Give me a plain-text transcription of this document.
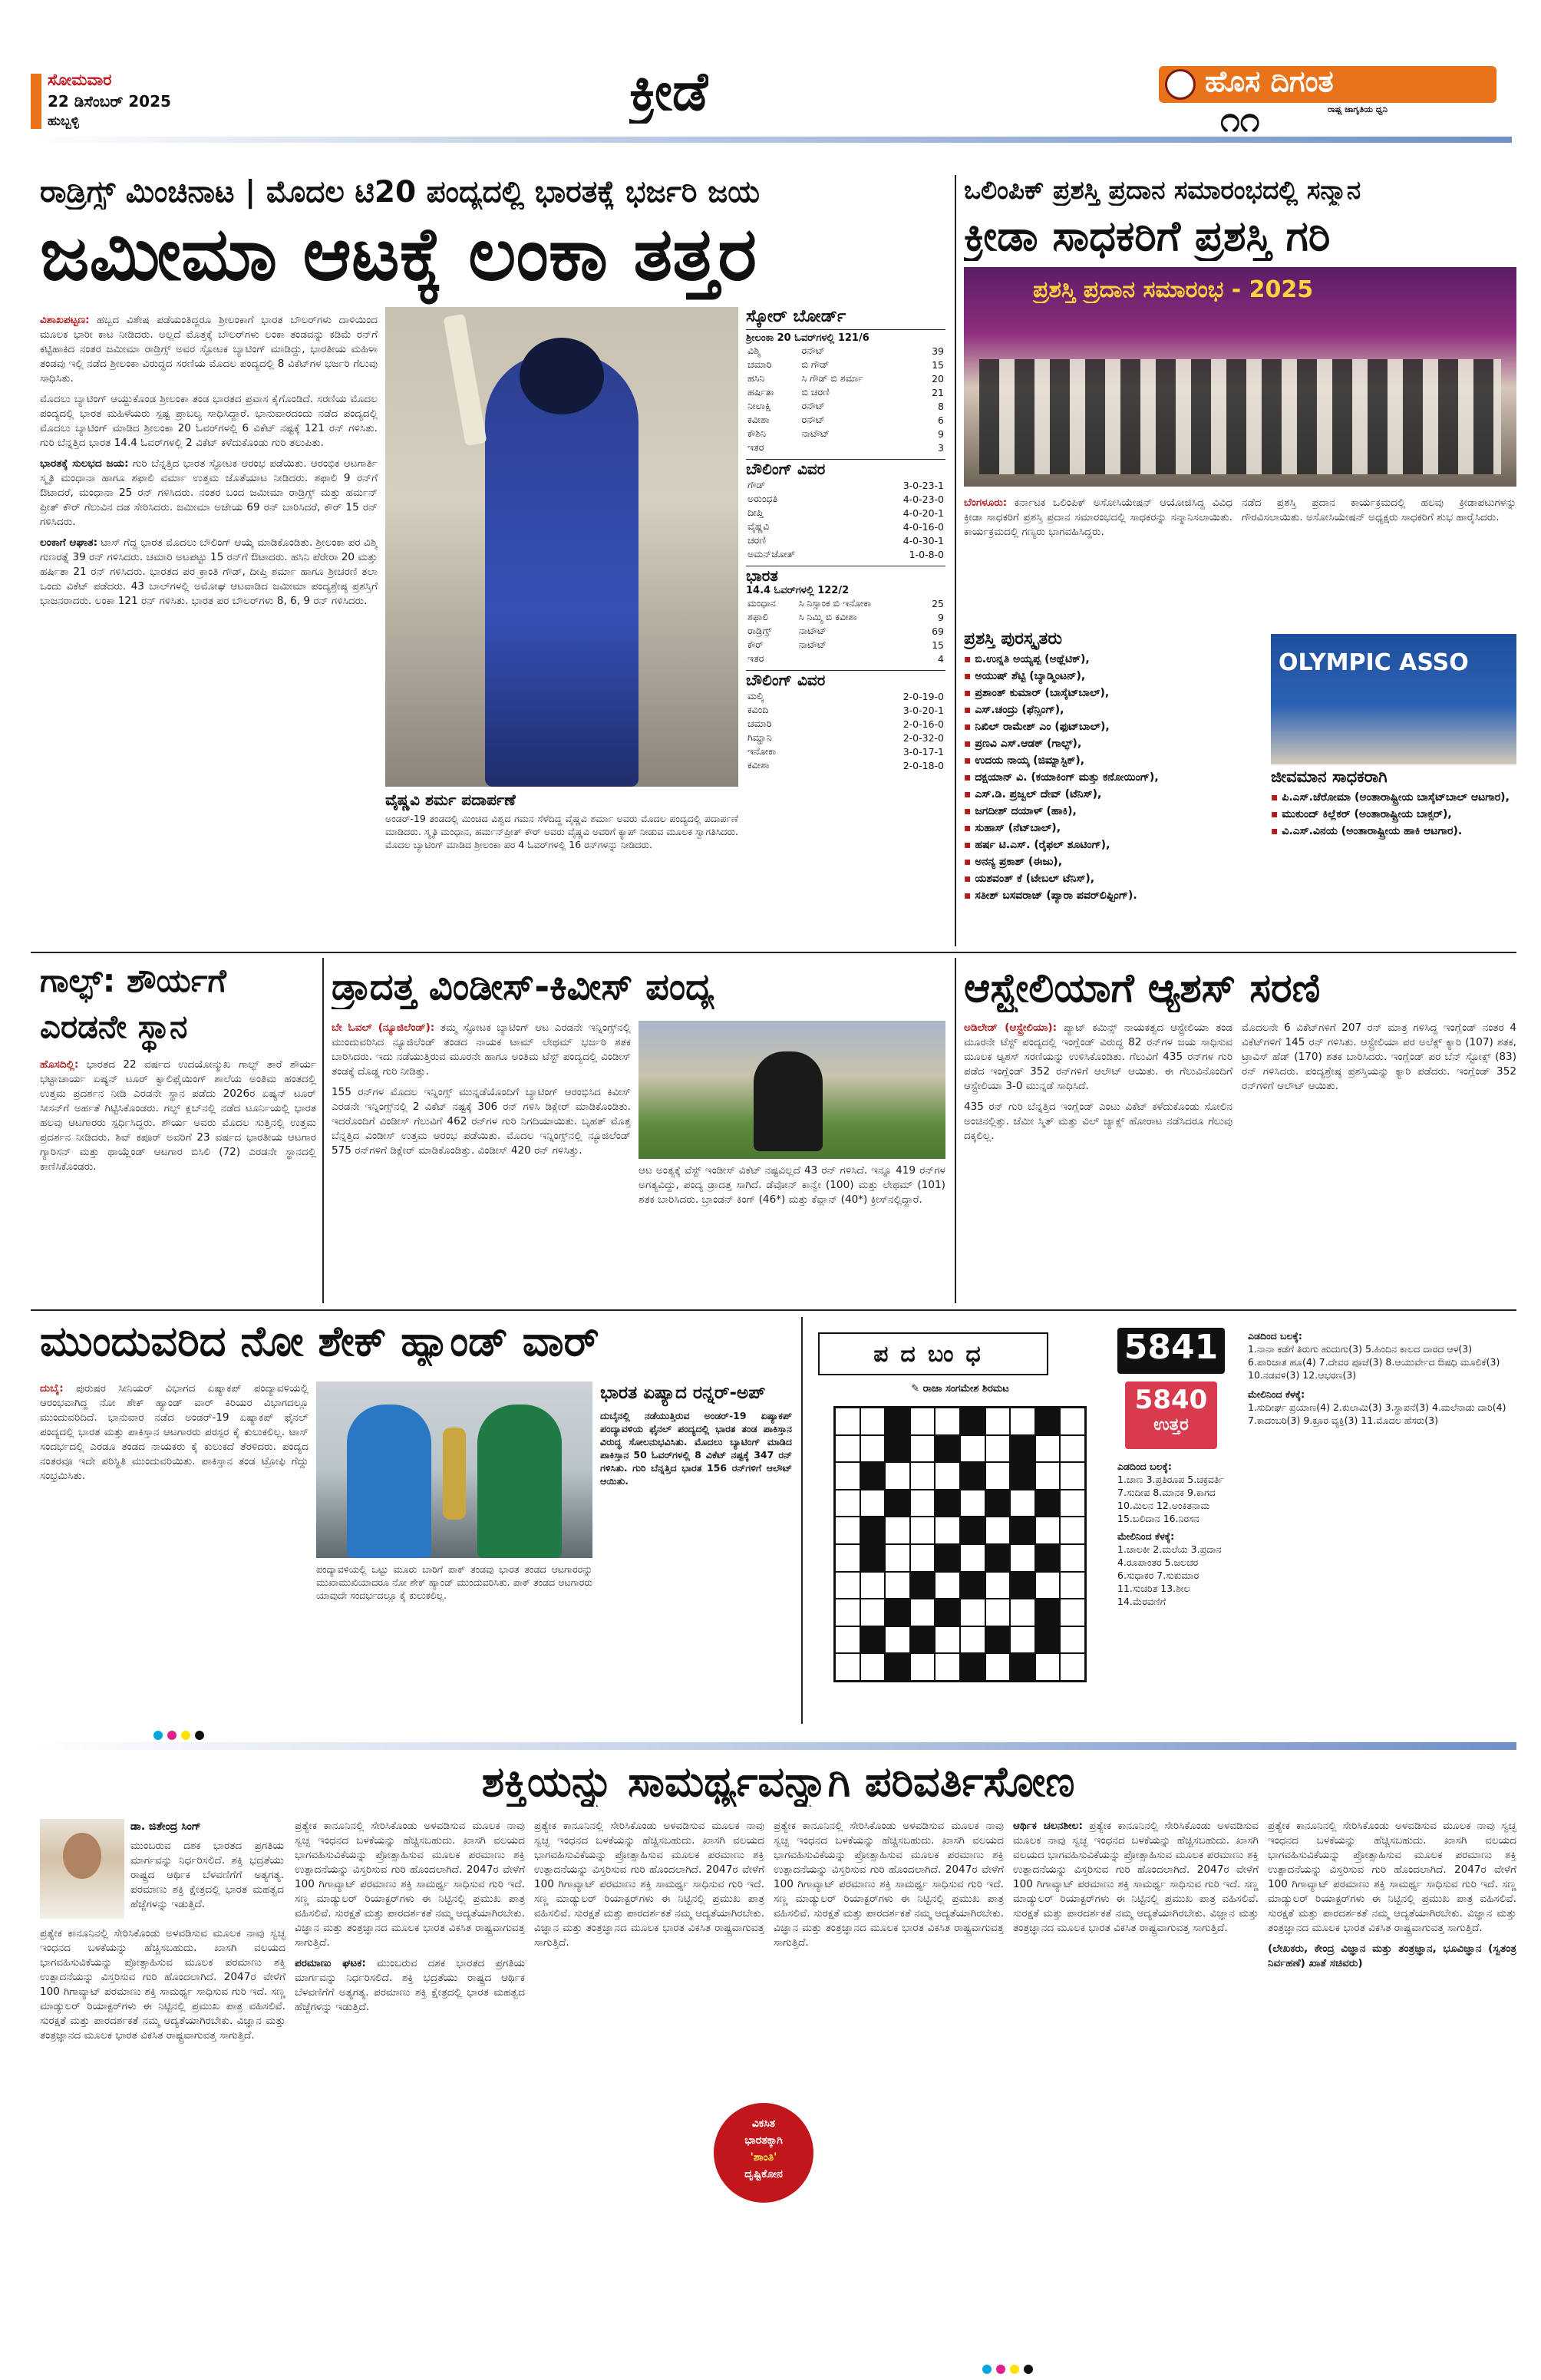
ಸೋಮವಾರ
22 ಡಿಸೆಂಬರ್ 2025
ಹುಬ್ಬಳ್ಳಿ	ಕ್ರೀಡೆ	ಹೊಸ ದಿಗಂತ
ರಾಷ್ಟ್ರ ಜಾಗೃತಿಯ ಧ್ವನಿ
೧೧
ರಾಡ್ರಿಗ್ಸ್ ಮಿಂಚಿನಾಟ | ಮೊದಲ ಟಿ20 ಪಂದ್ಯದಲ್ಲಿ ಭಾರತಕ್ಕೆ ಭರ್ಜರಿ ಜಯ
ಜಮೀಮಾ ಆಟಕ್ಕೆ ಲಂಕಾ ತತ್ತರ

ವಿಶಾಖಪಟ್ಟಣ: ಹಬ್ಬದ ವಿಶೇಷ ಪಡೆಯಂತಿದ್ದರೂ ಶ್ರೀಲಂಕಾಗೆ ಭಾರತ ಬೌಲರ್‌ಗಳು ದಾಳಿಯಿಂದ ಮೂಲಕ ಭಾರೀ ಕಾಟ ನೀಡಿದರು. ಅಲ್ಲದೆ ಮೊತ್ತಕ್ಕೆ ಬೌಲರ್‌ಗಳು ಲಂಕಾ ತಂಡವನ್ನು ಕಡಿಮೆ ರನ್‌ಗೆ ಕಟ್ಟಿಹಾಕಿದ ನಂತರ ಜಮೀಮಾ ರಾಡ್ರಿಗ್ಸ್ ಅವರ ಸ್ಫೋಟಕ ಬ್ಯಾಟಿಂಗ್ ಮಾಡಿದ್ದು, ಭಾರತೀಯ ಮಹಿಳಾ ತಂಡವು ಇಲ್ಲಿ ನಡೆದ ಶ್ರೀಲಂಕಾ ವಿರುದ್ಧದ ಸರಣಿಯ ಮೊದಲ ಪಂದ್ಯದಲ್ಲಿ 8 ವಿಕೆಟ್‌ಗಳ ಭರ್ಜರಿ ಗೆಲುವು ಸಾಧಿಸಿತು.

ಮೊದಲು ಬ್ಯಾಟಿಂಗ್ ಆಯ್ದುಕೊಂಡ ಶ್ರೀಲಂಕಾ ತಂಡ ಭಾರತದ ಪ್ರವಾಸ ಕೈಗೊಂಡಿದೆ. ಸರಣಿಯ ಮೊದಲ ಪಂದ್ಯದಲ್ಲಿ ಭಾರತ ಮಹಿಳೆಯರು ಸ್ಪಷ್ಟ ಪ್ರಾಬಲ್ಯ ಸಾಧಿಸಿದ್ದಾರೆ. ಭಾನುವಾರದಂದು ನಡೆದ ಪಂದ್ಯದಲ್ಲಿ ಮೊದಲು ಬ್ಯಾಟಿಂಗ್ ಮಾಡಿದ ಶ್ರೀಲಂಕಾ 20 ಓವರ್‌ಗಳಲ್ಲಿ 6 ವಿಕೆಟ್ ನಷ್ಟಕ್ಕೆ 121 ರನ್ ಗಳಿಸಿತು. ಗುರಿ ಬೆನ್ನತ್ತಿದ ಭಾರತ 14.4 ಓವರ್‌ಗಳಲ್ಲಿ 2 ವಿಕೆಟ್ ಕಳೆದುಕೊಂಡು ಗುರಿ ತಲುಪಿತು.

ಭಾರತಕ್ಕೆ ಸುಲಭದ ಜಯ: ಗುರಿ ಬೆನ್ನತ್ತಿದ ಭಾರತ ಸ್ಫೋಟಕ ಆರಂಭ ಪಡೆಯಿತು. ಆರಂಭಿಕ ಆಟಗಾರ್ತಿ ಸ್ಮೃತಿ ಮಂಧಾನಾ ಹಾಗೂ ಶಫಾಲಿ ವರ್ಮಾ ಉತ್ತಮ ಜೊತೆಯಾಟ ನೀಡಿದರು. ಶಫಾಲಿ 9 ರನ್‌ಗೆ ಔಟಾದರೆ, ಮಂಧಾನಾ 25 ರನ್ ಗಳಿಸಿದರು. ನಂತರ ಬಂದ ಜಮೀಮಾ ರಾಡ್ರಿಗ್ಸ್ ಮತ್ತು ಹರ್ಮನ್ ಪ್ರೀತ್ ಕೌರ್ ಗೆಲುವಿನ ದಡ ಸೇರಿಸಿದರು. ಜಮೀಮಾ ಅಜೇಯ 69 ರನ್ ಬಾರಿಸಿದರೆ, ಕೌರ್ 15 ರನ್ ಗಳಿಸಿದರು.

ಲಂಕಾಗೆ ಆಘಾತ: ಟಾಸ್ ಗೆದ್ದ ಭಾರತ ಮೊದಲು ಬೌಲಿಂಗ್ ಆಯ್ಕೆ ಮಾಡಿಕೊಂಡಿತು. ಶ್ರೀಲಂಕಾ ಪರ ವಿಶ್ಮಿ ಗುಣರತ್ನೆ 39 ರನ್ ಗಳಿಸಿದರು. ಚಮಾರಿ ಅಟಪಟ್ಟು 15 ರನ್‌ಗೆ ಔಟಾದರು. ಹಸಿನಿ ಪೆರೇರಾ 20 ಮತ್ತು ಹರ್ಷಿತಾ 21 ರನ್ ಗಳಿಸಿದರು. ಭಾರತದ ಪರ ಕ್ರಾಂತಿ ಗೌಡ್, ದೀಪ್ತಿ ಶರ್ಮಾ ಹಾಗೂ ಶ್ರೀಚರಣಿ ತಲಾ ಒಂದು ವಿಕೆಟ್ ಪಡೆದರು. 43 ಬಾಲ್‌ಗಳಲ್ಲಿ ಅಮೋಘ ಆಟವಾಡಿದ ಜಮೀಮಾ ಪಂದ್ಯಶ್ರೇಷ್ಠ ಪ್ರಶಸ್ತಿಗೆ ಭಾಜನರಾದರು. ಲಂಕಾ 121 ರನ್ ಗಳಿಸಿತು. ಭಾರತ ಪರ ಬೌಲರ್‌ಗಳು 8, 6, 9 ರನ್ ಗಳಿಸಿದರು.

ವೈಷ್ಣವಿ ಶರ್ಮ ಪದಾರ್ಪಣೆ
ಅಂಡರ್-19 ತಂಡದಲ್ಲಿ ಮಿಂಚಿದ ವಿಶ್ವದ ಗಮನ ಸೆಳೆದಿದ್ದ ವೈಷ್ಣವಿ ಶರ್ಮಾ ಅವರು ಮೊದಲ ಪಂದ್ಯದಲ್ಲಿ ಪದಾರ್ಪಣೆ ಮಾಡಿದರು. ಸ್ಮೃತಿ ಮಂಧಾನ, ಹರ್ಮನ್‌ಪ್ರೀತ್ ಕೌರ್ ಅವರು ವೈಷ್ಣವಿ ಅವರಿಗೆ ಕ್ಯಾಪ್ ನೀಡುವ ಮೂಲಕ ಸ್ವಾಗತಿಸಿದರು. ಮೊದಲ ಬ್ಯಾಟಿಂಗ್ ಮಾಡಿದ ಶ್ರೀಲಂಕಾ ಪರ 4 ಓವರ್‌ಗಳಲ್ಲಿ 16 ರನ್‌ಗಳನ್ನು ನೀಡಿದರು.
ಸ್ಕೋರ್ ಬೋರ್ಡ್
ಶ್ರೀಲಂಕಾ 20 ಓವರ್‌ಗಳಲ್ಲಿ 121/6
ವಿಶ್ಮಿ	ರನೌಟ್	39
ಚಮಾರಿ	ಬಿ ಗೌಡ್	15
ಹಸಿನಿ	ಸಿ ಗೌಡ್ ಬಿ ಶರ್ಮಾ	20
ಹರ್ಷಿತಾ	ಬಿ ಚರಣಿ	21
ನೀಲಾಕ್ಷಿ	ರನೌಟ್	8
ಕವೀಶಾ	ರನೌಟ್	6
ಕೌಶಿನಿ	ನಾಟೌಟ್	9
ಇತರ		3
ಬೌಲಿಂಗ್ ವಿವರ
ಗೌಡ್	3-0-23-1
ಅರುಂಧತಿ	4-0-23-0
ದೀಪ್ತಿ	4-0-20-1
ವೈಷ್ಣವಿ	4-0-16-0
ಚರಣಿ	4-0-30-1
ಅಮನ್‌ಜೋತ್	1-0-8-0
ಭಾರತ
14.4 ಓವರ್‌ಗಳಲ್ಲಿ 122/2
ಮಂಧಾನ	ಸಿ ನಿಸ್ಸಾಂಕ ಬಿ ಇನೋಕಾ	25
ಶಫಾಲಿ	ಸಿ ನಿಮ್ಮಿ ಬಿ ಕವೀಶಾ	9
ರಾಡ್ರಿಗ್ಸ್	ನಾಟೌಟ್	69
ಕೌರ್	ನಾಟೌಟ್	15
ಇತರ		4
ಬೌಲಿಂಗ್ ವಿವರ
ಮಲ್ಕಿ	2-0-19-0
ಕವಿಂದಿ	3-0-20-1
ಚಮಾರಿ	2-0-16-0
ಗಿಮ್ಹಾನಿ	2-0-32-0
ಇನೋಕಾ	3-0-17-1
ಕವೀಶಾ	2-0-18-0
ಒಲಿಂಪಿಕ್ ಪ್ರಶಸ್ತಿ ಪ್ರದಾನ ಸಮಾರಂಭದಲ್ಲಿ ಸನ್ಮಾನ
ಕ್ರೀಡಾ ಸಾಧಕರಿಗೆ ಪ್ರಶಸ್ತಿ ಗರಿ
ಪ್ರಶಸ್ತಿ ಪ್ರದಾನ ಸಮಾರಂಭ - 2025

ಬೆಂಗಳೂರು: ಕರ್ನಾಟಕ ಒಲಿಂಪಿಕ್ ಅಸೋಸಿಯೇಷನ್ ಆಯೋಜಿಸಿದ್ದ ವಿವಿಧ ಕ್ರೀಡಾ ಸಾಧಕರಿಗೆ ಪ್ರಶಸ್ತಿ ಪ್ರದಾನ ಸಮಾರಂಭದಲ್ಲಿ ಸಾಧಕರನ್ನು ಸನ್ಮಾನಿಸಲಾಯಿತು. ಕಾರ್ಯಕ್ರಮದಲ್ಲಿ ಗಣ್ಯರು ಭಾಗವಹಿಸಿದ್ದರು.

ನಡೆದ ಪ್ರಶಸ್ತಿ ಪ್ರದಾನ ಕಾರ್ಯಕ್ರಮದಲ್ಲಿ ಹಲವು ಕ್ರೀಡಾಪಟುಗಳನ್ನು ಗೌರವಿಸಲಾಯಿತು. ಅಸೋಸಿಯೇಷನ್ ಅಧ್ಯಕ್ಷರು ಸಾಧಕರಿಗೆ ಶುಭ ಹಾರೈಸಿದರು.

ಪ್ರಶಸ್ತಿ ಪುರಸ್ಕೃತರು
▪ ಬಿ.ಉನ್ನತಿ ಅಯ್ಯಪ್ಪ (ಅಥ್ಲೆಟಿಕ್),
▪ ಅಯುಷ್ ಶೆಟ್ಟಿ (ಬ್ಯಾಡ್ಮಿಂಟನ್),
▪ ಪ್ರಶಾಂತ್ ಕುಮಾರ್ (ಬಾಸ್ಕೆಟ್‌ಬಾಲ್),
▪ ಎಸ್.ಚಂದ್ರು (ಫೆನ್ಸಿಂಗ್),
▪ ನಿಖಿಲ್ ರಾಮೇಶ್ ಎಂ (ಫುಟ್‌ಬಾಲ್),
▪ ಪ್ರಣವಿ ಎಸ್.ಆಡಕ್ (ಗಾಲ್ಫ್),
▪ ಉದಯ ನಾಯ್ಕ (ಜಿಮ್ನಾಸ್ಟಿಕ್),
▪ ದಕ್ಷಯಾನ್ ವಿ. (ಕಯಾಕಿಂಗ್ ಮತ್ತು ಕನೋಯಿಂಗ್),
▪ ಎಸ್.ಡಿ. ಪ್ರಜ್ವಲ್ ದೇವ್ (ಟೆನಿಸ್),
▪ ಜಗದೀಶ್ ದಯಾಳ್ (ಹಾಕಿ),
▪ ಸುಹಾಸ್ (ನೆಟ್‌ಬಾಲ್),
▪ ಹರ್ಷ ಟಿ.ಎಸ್. (ರೈಫಲ್ ಶೂಟಿಂಗ್),
▪ ಅನನ್ಯ ಪ್ರಕಾಶ್ (ಈಜು),
▪ ಯಶವಂತ್ ಕೆ (ಟೇಬಲ್ ಟೆನಿಸ್),
▪ ಸತೀಶ್ ಬಸವರಾಜ್ (ಪ್ಯಾರಾ ಪವರ್‌ಲಿಫ್ಟಿಂಗ್).
OLYMPIC ASSO
ಜೀವಮಾನ ಸಾಧಕರಾಗಿ
▪ ಪಿ.ಎಸ್.ಜೆರೋಮಾ (ಅಂತಾರಾಷ್ಟ್ರೀಯ ಬಾಸ್ಕೆಟ್‌ಬಾಲ್ ಆಟಗಾರ),
▪ ಮುಕುಂದ್ ಕಿಲ್ಲೆಕರ್ (ಅಂತಾರಾಷ್ಟ್ರೀಯ ಬಾಕ್ಸರ್),
▪ ವಿ.ಎಸ್.ವಿನಯ (ಅಂತಾರಾಷ್ಟ್ರೀಯ ಹಾಕಿ ಆಟಗಾರ).
ಗಾಲ್ಫ್: ಶೌರ್ಯಗೆ
ಎರಡನೇ ಸ್ಥಾನ

ಹೊಸದಿಲ್ಲಿ: ಭಾರತದ 22 ವರ್ಷದ ಉದಯೋನ್ಮುಖ ಗಾಲ್ಫ್ ತಾರೆ ಶೌರ್ಯ ಭಟ್ಟಾಚಾರ್ಯ ಏಷ್ಯನ್ ಟೂರ್ ಕ್ವಾಲಿಫೈಯಿಂಗ್ ಶಾಲೆಯ ಅಂತಿಮ ಹಂತದಲ್ಲಿ ಉತ್ತಮ ಪ್ರದರ್ಶನ ನೀಡಿ ಎರಡನೇ ಸ್ಥಾನ ಪಡೆದು 2026ರ ಏಷ್ಯನ್ ಟೂರ್ ಸೀಸನ್‌ಗೆ ಅರ್ಹತೆ ಗಿಟ್ಟಿಸಿಕೊಂಡರು. ಗಲ್ಫ್ ಕ್ಲಬ್‌ನಲ್ಲಿ ನಡೆದ ಟೂರ್ನಿಯಲ್ಲಿ ಭಾರತ ಹಲವು ಆಟಗಾರರು ಸ್ಪರ್ಧಿಸಿದ್ದರು. ಶೌರ್ಯ ಅವರು ಮೊದಲ ಸುತ್ತಿನಲ್ಲಿ ಉತ್ತಮ ಪ್ರದರ್ಶನ ನೀಡಿದರು. ಶಿವ್ ಕಪೂರ್ ಅವರಿಗೆ 23 ವರ್ಷದ ಭಾರತೀಯ ಆಟಗಾರ ಗ್ಯಾರಿಸನ್ ಮತ್ತು ಥಾಯ್ಲೆಂಡ್ ಆಟಗಾರ ಬಿಸಿಲಿ (72) ಎರಡನೇ ಸ್ಥಾನದಲ್ಲಿ ಕಾಣಿಸಿಕೊಂಡರು.

ಡ್ರಾದತ್ತ ವಿಂಡೀಸ್-ಕಿವೀಸ್ ಪಂದ್ಯ

ಬೇ ಓವಲ್ (ನ್ಯೂಜಿಲೆಂಡ್): ತಮ್ಮ ಸ್ಫೋಟಕ ಬ್ಯಾಟಿಂಗ್ ಆಟ ಎರಡನೇ ಇನ್ನಿಂಗ್ಸ್‌ನಲ್ಲಿ ಮುಂದುವರಿಸಿದ ನ್ಯೂಜಿಲೆಂಡ್ ತಂಡದ ನಾಯಕ ಟಾಮ್ ಲೇಥಮ್ ಭರ್ಜರಿ ಶತಕ ಬಾರಿಸಿದರು. ಇದು ನಡೆಯುತ್ತಿರುವ ಮೂರನೇ ಹಾಗೂ ಅಂತಿಮ ಟೆಸ್ಟ್ ಪಂದ್ಯದಲ್ಲಿ ವಿಂಡೀಸ್ ತಂಡಕ್ಕೆ ದೊಡ್ಡ ಗುರಿ ನೀಡಿತ್ತು.

155 ರನ್‌ಗಳ ಮೊದಲ ಇನ್ನಿಂಗ್ಸ್ ಮುನ್ನಡೆಯೊಂದಿಗೆ ಬ್ಯಾಟಿಂಗ್ ಆರಂಭಿಸಿದ ಕಿವೀಸ್ ಎರಡನೇ ಇನ್ನಿಂಗ್ಸ್‌ನಲ್ಲಿ 2 ವಿಕೆಟ್ ನಷ್ಟಕ್ಕೆ 306 ರನ್ ಗಳಿಸಿ ಡಿಕ್ಲೇರ್ ಮಾಡಿಕೊಂಡಿತು. ಇದರೊಂದಿಗೆ ವಿಂಡೀಸ್ ಗೆಲುವಿಗೆ 462 ರನ್‌ಗಳ ಗುರಿ ನಿಗದಿಯಾಯಿತು. ಬೃಹತ್ ಮೊತ್ತ ಬೆನ್ನತ್ತಿದ ವಿಂಡೀಸ್ ಉತ್ತಮ ಆರಂಭ ಪಡೆಯಿತು. ಮೊದಲ ಇನ್ನಿಂಗ್ಸ್‌ನಲ್ಲಿ ನ್ಯೂಜಿಲೆಂಡ್ 575 ರನ್‌ಗಳಿಗೆ ಡಿಕ್ಲೇರ್ ಮಾಡಿಕೊಂಡಿತ್ತು. ವಿಂಡೀಸ್ 420 ರನ್ ಗಳಿಸಿತ್ತು.

ಆಟ ಅಂತ್ಯಕ್ಕೆ ವೆಸ್ಟ್ ಇಂಡೀಸ್ ವಿಕೆಟ್ ನಷ್ಟವಿಲ್ಲದೆ 43 ರನ್ ಗಳಿಸಿದೆ. ಇನ್ನೂ 419 ರನ್‌ಗಳ ಅಗತ್ಯವಿದ್ದು, ಪಂದ್ಯ ಡ್ರಾದತ್ತ ಸಾಗಿದೆ. ಡೆವೋನ್ ಕಾನ್ವೇ (100) ಮತ್ತು ಲೇಥಮ್ (101) ಶತಕ ಬಾರಿಸಿದರು. ಬ್ರಾಂಡನ್ ಕಿಂಗ್ (46*) ಮತ್ತು ಕೆವ್ಲಾನ್ (40*) ಕ್ರೀಸ್‌ನಲ್ಲಿದ್ದಾರೆ.

ಆಸ್ಟ್ರೇಲಿಯಾಗೆ ಆ್ಯಶಸ್ ಸರಣಿ

ಅಡಿಲೇಡ್ (ಆಸ್ಟ್ರೇಲಿಯಾ): ಪ್ಯಾಟ್ ಕಮಿನ್ಸ್ ನಾಯಕತ್ವದ ಆಸ್ಟ್ರೇಲಿಯಾ ತಂಡ ಮೂರನೇ ಟೆಸ್ಟ್ ಪಂದ್ಯದಲ್ಲಿ ಇಂಗ್ಲೆಂಡ್ ವಿರುದ್ಧ 82 ರನ್‌ಗಳ ಜಯ ಸಾಧಿಸುವ ಮೂಲಕ ಆ್ಯಶಸ್ ಸರಣಿಯನ್ನು ಉಳಿಸಿಕೊಂಡಿತು. ಗೆಲುವಿಗೆ 435 ರನ್‌ಗಳ ಗುರಿ ಪಡೆದ ಇಂಗ್ಲೆಂಡ್ 352 ರನ್‌ಗಳಿಗೆ ಆಲೌಟ್ ಆಯಿತು. ಈ ಗೆಲುವಿನೊಂದಿಗೆ ಆಸ್ಟ್ರೇಲಿಯಾ 3-0 ಮುನ್ನಡೆ ಸಾಧಿಸಿದೆ.

435 ರನ್ ಗುರಿ ಬೆನ್ನತ್ತಿದ ಇಂಗ್ಲೆಂಡ್ ಎಂಟು ವಿಕೆಟ್ ಕಳೆದುಕೊಂಡು ಸೋಲಿನ ಅಂಚಿನಲ್ಲಿತ್ತು. ಜೆಮೀ ಸ್ಮಿತ್ ಮತ್ತು ವಿಲ್ ಜ್ಯಾಕ್ಸ್ ಹೋರಾಟ ನಡೆಸಿದರೂ ಗೆಲುವು ದಕ್ಕಲಿಲ್ಲ.

ಮೊದಲನೇ 6 ವಿಕೆಟ್‌ಗಳಿಗೆ 207 ರನ್ ಮಾತ್ರ ಗಳಿಸಿದ್ದ ಇಂಗ್ಲೆಂಡ್ ನಂತರ 4 ವಿಕೆಟ್‌ಗಳಿಗೆ 145 ರನ್ ಗಳಿಸಿತು. ಆಸ್ಟ್ರೇಲಿಯಾ ಪರ ಅಲೆಕ್ಸ್ ಕ್ಯಾರಿ (107) ಶತಕ, ಟ್ರಾವಿಸ್ ಹೆಡ್ (170) ಶತಕ ಬಾರಿಸಿದರು. ಇಂಗ್ಲೆಂಡ್ ಪರ ಬೆನ್ ಸ್ಟೋಕ್ಸ್ (83) ರನ್ ಗಳಿಸಿದರು. ಪಂದ್ಯಶ್ರೇಷ್ಠ ಪ್ರಶಸ್ತಿಯನ್ನು ಕ್ಯಾರಿ ಪಡೆದರು. ಇಂಗ್ಲೆಂಡ್ 352 ರನ್‌ಗಳಿಗೆ ಆಲೌಟ್ ಆಯಿತು.

ಮುಂದುವರಿದ ನೋ ಶೇಕ್ ಹ್ಯಾಂಡ್ ವಾರ್

ದುಬೈ: ಪುರುಷರ ಸೀನಿಯರ್ ವಿಭಾಗದ ಏಷ್ಯಾಕಪ್ ಪಂದ್ಯಾವಳಿಯಲ್ಲಿ ಆರಂಭವಾಗಿದ್ದ ನೋ ಶೇಕ್ ಹ್ಯಾಂಡ್ ವಾರ್ ಕಿರಿಯರ ವಿಭಾಗದಲ್ಲೂ ಮುಂದುವರಿದಿದೆ. ಭಾನುವಾರ ನಡೆದ ಅಂಡರ್-19 ಏಷ್ಯಾಕಪ್ ಫೈನಲ್ ಪಂದ್ಯದಲ್ಲಿ ಭಾರತ ಮತ್ತು ಪಾಕಿಸ್ತಾನ ಆಟಗಾರರು ಪರಸ್ಪರ ಕೈ ಕುಲುಕಲಿಲ್ಲ. ಟಾಸ್ ಸಂದರ್ಭದಲ್ಲಿ ಎರಡೂ ತಂಡದ ನಾಯಕರು ಕೈ ಕುಲುಕದೆ ತೆರಳಿದರು. ಪಂದ್ಯದ ನಂತರವೂ ಇದೇ ಪರಿಸ್ಥಿತಿ ಮುಂದುವರಿಯಿತು. ಪಾಕಿಸ್ತಾನ ತಂಡ ಟ್ರೋಫಿ ಗೆದ್ದು ಸಂಭ್ರಮಿಸಿತು.

ಪಂದ್ಯಾವಳಿಯಲ್ಲಿ ಒಟ್ಟು ಮೂರು ಬಾರಿಗೆ ಪಾಕ್ ತಂಡವು ಭಾರತ ತಂಡದ ಆಟಗಾರರನ್ನು ಮುಖಾಮುಖಿಯಾದರೂ ನೋ ಶೇಕ್ ಹ್ಯಾಂಡ್ ಮುಂದುವರಿಸಿತು. ಪಾಕ್ ತಂಡದ ಆಟಗಾರರು ಯಾವುದೇ ಸಂದರ್ಭದಲ್ಲೂ ಕೈ ಕುಲುಕಲಿಲ್ಲ.
ಭಾರತ ಏಷ್ಯಾದ ರನ್ನರ್-ಅಪ್
ದುಬೈನಲ್ಲಿ ನಡೆಯುತ್ತಿರುವ ಅಂಡರ್-19 ಏಷ್ಯಾಕಪ್ ಪಂದ್ಯಾವಳಿಯ ಫೈನಲ್ ಪಂದ್ಯದಲ್ಲಿ ಭಾರತ ತಂಡ ಪಾಕಿಸ್ತಾನ ವಿರುದ್ಧ ಸೋಲನುಭವಿಸಿತು. ಮೊದಲು ಬ್ಯಾಟಿಂಗ್ ಮಾಡಿದ ಪಾಕಿಸ್ತಾನ 50 ಓವರ್‌ಗಳಲ್ಲಿ 8 ವಿಕೆಟ್ ನಷ್ಟಕ್ಕೆ 347 ರನ್ ಗಳಿಸಿತು. ಗುರಿ ಬೆನ್ನತ್ತಿದ ಭಾರತ 156 ರನ್‌ಗಳಿಗೆ ಆಲೌಟ್ ಆಯಿತು.
ಪದಬಂಧ
✎ ರಾಜಾ ಸಂಗಮೇಶ ಶಿರಮಟ
5841
5840
ಉತ್ತರ
ಎಡದಿಂದ ಬಲಕ್ಕೆ:
1.ಜಾಣ 3.ಪ್ರತಿರೂಪ 5.ಚಕ್ರವರ್ತಿ 7.ಸುದೀಪ 8.ಮಾನಕ 9.ಕಾಗದ 10.ಮಿಲನ 12.ಅಂಕಿತನಾಮ 15.ಬಲಿದಾನ 16.ನಿರಸನ
ಮೇಲಿನಿಂದ ಕೆಳಕ್ಕೆ:
1.ಜಾಲಕೀ 2.ಮಲೆಯ 3.ಪ್ರದಾನ 4.ರೂಪಾಂತರ 5.ಜಲಚರ 6.ಸುಧಾಕರ 7.ಸುಕುಮಾರ 11.ಸುಚರಿತ 13.ಶೀಲ 14.ಮೆರವಣಿಗೆ
ಎಡದಿಂದ ಬಲಕ್ಕೆ:
1.ನಾನಾ ಕಡೆಗೆ ತಿರುಗು ಹುದುಗು(3) 5.ಹಿಂದಿನ ಕಾಲದ ದಾರದ ಆಳ(3) 6.ಪಾರಿಜಾತ ಹೂ(4) 7.ದೇವರ ಪೂಜೆ(3) 8.ಆಯುರ್ವೇದ ಔಷಧಿ ಮೂಲಿಕೆ(3) 10.ನಡವಳಿ(3) 12.ಆಭರಣ(3)
ಮೇಲಿನಿಂದ ಕೆಳಕ್ಕೆ:
1.ಸುದೀರ್ಘ ಪ್ರಯಾಣ(4) 2.ಕುಲಾಮಿ(3) 3.ಸ್ಥಾಪನೆ(3) 4.ಮಲೆನಾಡು ದಾರಿ(4) 7.ಕಾದಂಬರಿ(3) 9.ಕ್ರೂರ ವ್ಯಕ್ತಿ(3) 11.ಮೊದಲ ಹೆಸರು(3)
ಶಕ್ತಿಯನ್ನು ಸಾಮರ್ಥ್ಯವನ್ನಾಗಿ ಪರಿವರ್ತಿಸೋಣ
ಡಾ. ಜಿತೇಂದ್ರ ಸಿಂಗ್
ಮುಂಬರುವ ದಶಕ ಭಾರತದ ಪ್ರಗತಿಯ ಮಾರ್ಗವನ್ನು ನಿರ್ಧರಿಸಲಿದೆ. ಶಕ್ತಿ ಭದ್ರತೆಯು ರಾಷ್ಟ್ರದ ಆರ್ಥಿಕ ಬೆಳವಣಿಗೆಗೆ ಅತ್ಯಗತ್ಯ. ಪರಮಾಣು ಶಕ್ತಿ ಕ್ಷೇತ್ರದಲ್ಲಿ ಭಾರತ ಮಹತ್ವದ ಹೆಜ್ಜೆಗಳನ್ನು ಇಡುತ್ತಿದೆ.

ಪ್ರತ್ಯೇಕ ಕಾನೂನಿನಲ್ಲಿ ಸೇರಿಸಿಕೊಂಡು ಅಳವಡಿಸುವ ಮೂಲಕ ನಾವು ಸ್ವಚ್ಛ ಇಂಧನದ ಬಳಕೆಯನ್ನು ಹೆಚ್ಚಿಸಬಹುದು. ಖಾಸಗಿ ವಲಯದ ಭಾಗವಹಿಸುವಿಕೆಯನ್ನು ಪ್ರೋತ್ಸಾಹಿಸುವ ಮೂಲಕ ಪರಮಾಣು ಶಕ್ತಿ ಉತ್ಪಾದನೆಯನ್ನು ವಿಸ್ತರಿಸುವ ಗುರಿ ಹೊಂದಲಾಗಿದೆ. 2047ರ ವೇಳೆಗೆ 100 ಗಿಗಾವ್ಯಾಟ್ ಪರಮಾಣು ಶಕ್ತಿ ಸಾಮರ್ಥ್ಯ ಸಾಧಿಸುವ ಗುರಿ ಇದೆ. ಸಣ್ಣ ಮಾಡ್ಯುಲರ್ ರಿಯಾಕ್ಟರ್‌ಗಳು ಈ ನಿಟ್ಟಿನಲ್ಲಿ ಪ್ರಮುಖ ಪಾತ್ರ ವಹಿಸಲಿವೆ. ಸುರಕ್ಷತೆ ಮತ್ತು ಪಾರದರ್ಶಕತೆ ನಮ್ಮ ಆದ್ಯತೆಯಾಗಿರಬೇಕು. ವಿಜ್ಞಾನ ಮತ್ತು ತಂತ್ರಜ್ಞಾನದ ಮೂಲಕ ಭಾರತ ವಿಕಸಿತ ರಾಷ್ಟ್ರವಾಗುವತ್ತ ಸಾಗುತ್ತಿದೆ.

ಪ್ರತ್ಯೇಕ ಕಾನೂನಿನಲ್ಲಿ ಸೇರಿಸಿಕೊಂಡು ಅಳವಡಿಸುವ ಮೂಲಕ ನಾವು ಸ್ವಚ್ಛ ಇಂಧನದ ಬಳಕೆಯನ್ನು ಹೆಚ್ಚಿಸಬಹುದು. ಖಾಸಗಿ ವಲಯದ ಭಾಗವಹಿಸುವಿಕೆಯನ್ನು ಪ್ರೋತ್ಸಾಹಿಸುವ ಮೂಲಕ ಪರಮಾಣು ಶಕ್ತಿ ಉತ್ಪಾದನೆಯನ್ನು ವಿಸ್ತರಿಸುವ ಗುರಿ ಹೊಂದಲಾಗಿದೆ. 2047ರ ವೇಳೆಗೆ 100 ಗಿಗಾವ್ಯಾಟ್ ಪರಮಾಣು ಶಕ್ತಿ ಸಾಮರ್ಥ್ಯ ಸಾಧಿಸುವ ಗುರಿ ಇದೆ. ಸಣ್ಣ ಮಾಡ್ಯುಲರ್ ರಿಯಾಕ್ಟರ್‌ಗಳು ಈ ನಿಟ್ಟಿನಲ್ಲಿ ಪ್ರಮುಖ ಪಾತ್ರ ವಹಿಸಲಿವೆ. ಸುರಕ್ಷತೆ ಮತ್ತು ಪಾರದರ್ಶಕತೆ ನಮ್ಮ ಆದ್ಯತೆಯಾಗಿರಬೇಕು. ವಿಜ್ಞಾನ ಮತ್ತು ತಂತ್ರಜ್ಞಾನದ ಮೂಲಕ ಭಾರತ ವಿಕಸಿತ ರಾಷ್ಟ್ರವಾಗುವತ್ತ ಸಾಗುತ್ತಿದೆ.

ಪರಮಾಣು ಘಟಕ: ಮುಂಬರುವ ದಶಕ ಭಾರತದ ಪ್ರಗತಿಯ ಮಾರ್ಗವನ್ನು ನಿರ್ಧರಿಸಲಿದೆ. ಶಕ್ತಿ ಭದ್ರತೆಯು ರಾಷ್ಟ್ರದ ಆರ್ಥಿಕ ಬೆಳವಣಿಗೆಗೆ ಅತ್ಯಗತ್ಯ. ಪರಮಾಣು ಶಕ್ತಿ ಕ್ಷೇತ್ರದಲ್ಲಿ ಭಾರತ ಮಹತ್ವದ ಹೆಜ್ಜೆಗಳನ್ನು ಇಡುತ್ತಿದೆ.

ಪ್ರತ್ಯೇಕ ಕಾನೂನಿನಲ್ಲಿ ಸೇರಿಸಿಕೊಂಡು ಅಳವಡಿಸುವ ಮೂಲಕ ನಾವು ಸ್ವಚ್ಛ ಇಂಧನದ ಬಳಕೆಯನ್ನು ಹೆಚ್ಚಿಸಬಹುದು. ಖಾಸಗಿ ವಲಯದ ಭಾಗವಹಿಸುವಿಕೆಯನ್ನು ಪ್ರೋತ್ಸಾಹಿಸುವ ಮೂಲಕ ಪರಮಾಣು ಶಕ್ತಿ ಉತ್ಪಾದನೆಯನ್ನು ವಿಸ್ತರಿಸುವ ಗುರಿ ಹೊಂದಲಾಗಿದೆ. 2047ರ ವೇಳೆಗೆ 100 ಗಿಗಾವ್ಯಾಟ್ ಪರಮಾಣು ಶಕ್ತಿ ಸಾಮರ್ಥ್ಯ ಸಾಧಿಸುವ ಗುರಿ ಇದೆ. ಸಣ್ಣ ಮಾಡ್ಯುಲರ್ ರಿಯಾಕ್ಟರ್‌ಗಳು ಈ ನಿಟ್ಟಿನಲ್ಲಿ ಪ್ರಮುಖ ಪಾತ್ರ ವಹಿಸಲಿವೆ. ಸುರಕ್ಷತೆ ಮತ್ತು ಪಾರದರ್ಶಕತೆ ನಮ್ಮ ಆದ್ಯತೆಯಾಗಿರಬೇಕು. ವಿಜ್ಞಾನ ಮತ್ತು ತಂತ್ರಜ್ಞಾನದ ಮೂಲಕ ಭಾರತ ವಿಕಸಿತ ರಾಷ್ಟ್ರವಾಗುವತ್ತ ಸಾಗುತ್ತಿದೆ.

ವಿಕಸಿತ
ಭಾರತಕ್ಕಾಗಿ
'ಶಾಂತಿ'
ದೃಷ್ಟಿಕೋನ

ಪ್ರತ್ಯೇಕ ಕಾನೂನಿನಲ್ಲಿ ಸೇರಿಸಿಕೊಂಡು ಅಳವಡಿಸುವ ಮೂಲಕ ನಾವು ಸ್ವಚ್ಛ ಇಂಧನದ ಬಳಕೆಯನ್ನು ಹೆಚ್ಚಿಸಬಹುದು. ಖಾಸಗಿ ವಲಯದ ಭಾಗವಹಿಸುವಿಕೆಯನ್ನು ಪ್ರೋತ್ಸಾಹಿಸುವ ಮೂಲಕ ಪರಮಾಣು ಶಕ್ತಿ ಉತ್ಪಾದನೆಯನ್ನು ವಿಸ್ತರಿಸುವ ಗುರಿ ಹೊಂದಲಾಗಿದೆ. 2047ರ ವೇಳೆಗೆ 100 ಗಿಗಾವ್ಯಾಟ್ ಪರಮಾಣು ಶಕ್ತಿ ಸಾಮರ್ಥ್ಯ ಸಾಧಿಸುವ ಗುರಿ ಇದೆ. ಸಣ್ಣ ಮಾಡ್ಯುಲರ್ ರಿಯಾಕ್ಟರ್‌ಗಳು ಈ ನಿಟ್ಟಿನಲ್ಲಿ ಪ್ರಮುಖ ಪಾತ್ರ ವಹಿಸಲಿವೆ. ಸುರಕ್ಷತೆ ಮತ್ತು ಪಾರದರ್ಶಕತೆ ನಮ್ಮ ಆದ್ಯತೆಯಾಗಿರಬೇಕು. ವಿಜ್ಞಾನ ಮತ್ತು ತಂತ್ರಜ್ಞಾನದ ಮೂಲಕ ಭಾರತ ವಿಕಸಿತ ರಾಷ್ಟ್ರವಾಗುವತ್ತ ಸಾಗುತ್ತಿದೆ.

ಆರ್ಥಿಕ ಚಲನಶೀಲ: ಪ್ರತ್ಯೇಕ ಕಾನೂನಿನಲ್ಲಿ ಸೇರಿಸಿಕೊಂಡು ಅಳವಡಿಸುವ ಮೂಲಕ ನಾವು ಸ್ವಚ್ಛ ಇಂಧನದ ಬಳಕೆಯನ್ನು ಹೆಚ್ಚಿಸಬಹುದು. ಖಾಸಗಿ ವಲಯದ ಭಾಗವಹಿಸುವಿಕೆಯನ್ನು ಪ್ರೋತ್ಸಾಹಿಸುವ ಮೂಲಕ ಪರಮಾಣು ಶಕ್ತಿ ಉತ್ಪಾದನೆಯನ್ನು ವಿಸ್ತರಿಸುವ ಗುರಿ ಹೊಂದಲಾಗಿದೆ. 2047ರ ವೇಳೆಗೆ 100 ಗಿಗಾವ್ಯಾಟ್ ಪರಮಾಣು ಶಕ್ತಿ ಸಾಮರ್ಥ್ಯ ಸಾಧಿಸುವ ಗುರಿ ಇದೆ. ಸಣ್ಣ ಮಾಡ್ಯುಲರ್ ರಿಯಾಕ್ಟರ್‌ಗಳು ಈ ನಿಟ್ಟಿನಲ್ಲಿ ಪ್ರಮುಖ ಪಾತ್ರ ವಹಿಸಲಿವೆ. ಸುರಕ್ಷತೆ ಮತ್ತು ಪಾರದರ್ಶಕತೆ ನಮ್ಮ ಆದ್ಯತೆಯಾಗಿರಬೇಕು. ವಿಜ್ಞಾನ ಮತ್ತು ತಂತ್ರಜ್ಞಾನದ ಮೂಲಕ ಭಾರತ ವಿಕಸಿತ ರಾಷ್ಟ್ರವಾಗುವತ್ತ ಸಾಗುತ್ತಿದೆ.

ಪ್ರತ್ಯೇಕ ಕಾನೂನಿನಲ್ಲಿ ಸೇರಿಸಿಕೊಂಡು ಅಳವಡಿಸುವ ಮೂಲಕ ನಾವು ಸ್ವಚ್ಛ ಇಂಧನದ ಬಳಕೆಯನ್ನು ಹೆಚ್ಚಿಸಬಹುದು. ಖಾಸಗಿ ವಲಯದ ಭಾಗವಹಿಸುವಿಕೆಯನ್ನು ಪ್ರೋತ್ಸಾಹಿಸುವ ಮೂಲಕ ಪರಮಾಣು ಶಕ್ತಿ ಉತ್ಪಾದನೆಯನ್ನು ವಿಸ್ತರಿಸುವ ಗುರಿ ಹೊಂದಲಾಗಿದೆ. 2047ರ ವೇಳೆಗೆ 100 ಗಿಗಾವ್ಯಾಟ್ ಪರಮಾಣು ಶಕ್ತಿ ಸಾಮರ್ಥ್ಯ ಸಾಧಿಸುವ ಗುರಿ ಇದೆ. ಸಣ್ಣ ಮಾಡ್ಯುಲರ್ ರಿಯಾಕ್ಟರ್‌ಗಳು ಈ ನಿಟ್ಟಿನಲ್ಲಿ ಪ್ರಮುಖ ಪಾತ್ರ ವಹಿಸಲಿವೆ. ಸುರಕ್ಷತೆ ಮತ್ತು ಪಾರದರ್ಶಕತೆ ನಮ್ಮ ಆದ್ಯತೆಯಾಗಿರಬೇಕು. ವಿಜ್ಞಾನ ಮತ್ತು ತಂತ್ರಜ್ಞಾನದ ಮೂಲಕ ಭಾರತ ವಿಕಸಿತ ರಾಷ್ಟ್ರವಾಗುವತ್ತ ಸಾಗುತ್ತಿದೆ.

(ಲೇಖಕರು, ಕೇಂದ್ರ ವಿಜ್ಞಾನ ಮತ್ತು ತಂತ್ರಜ್ಞಾನ, ಭೂವಿಜ್ಞಾನ (ಸ್ವತಂತ್ರ ನಿರ್ವಹಣೆ) ಖಾತೆ ಸಚಿವರು)
